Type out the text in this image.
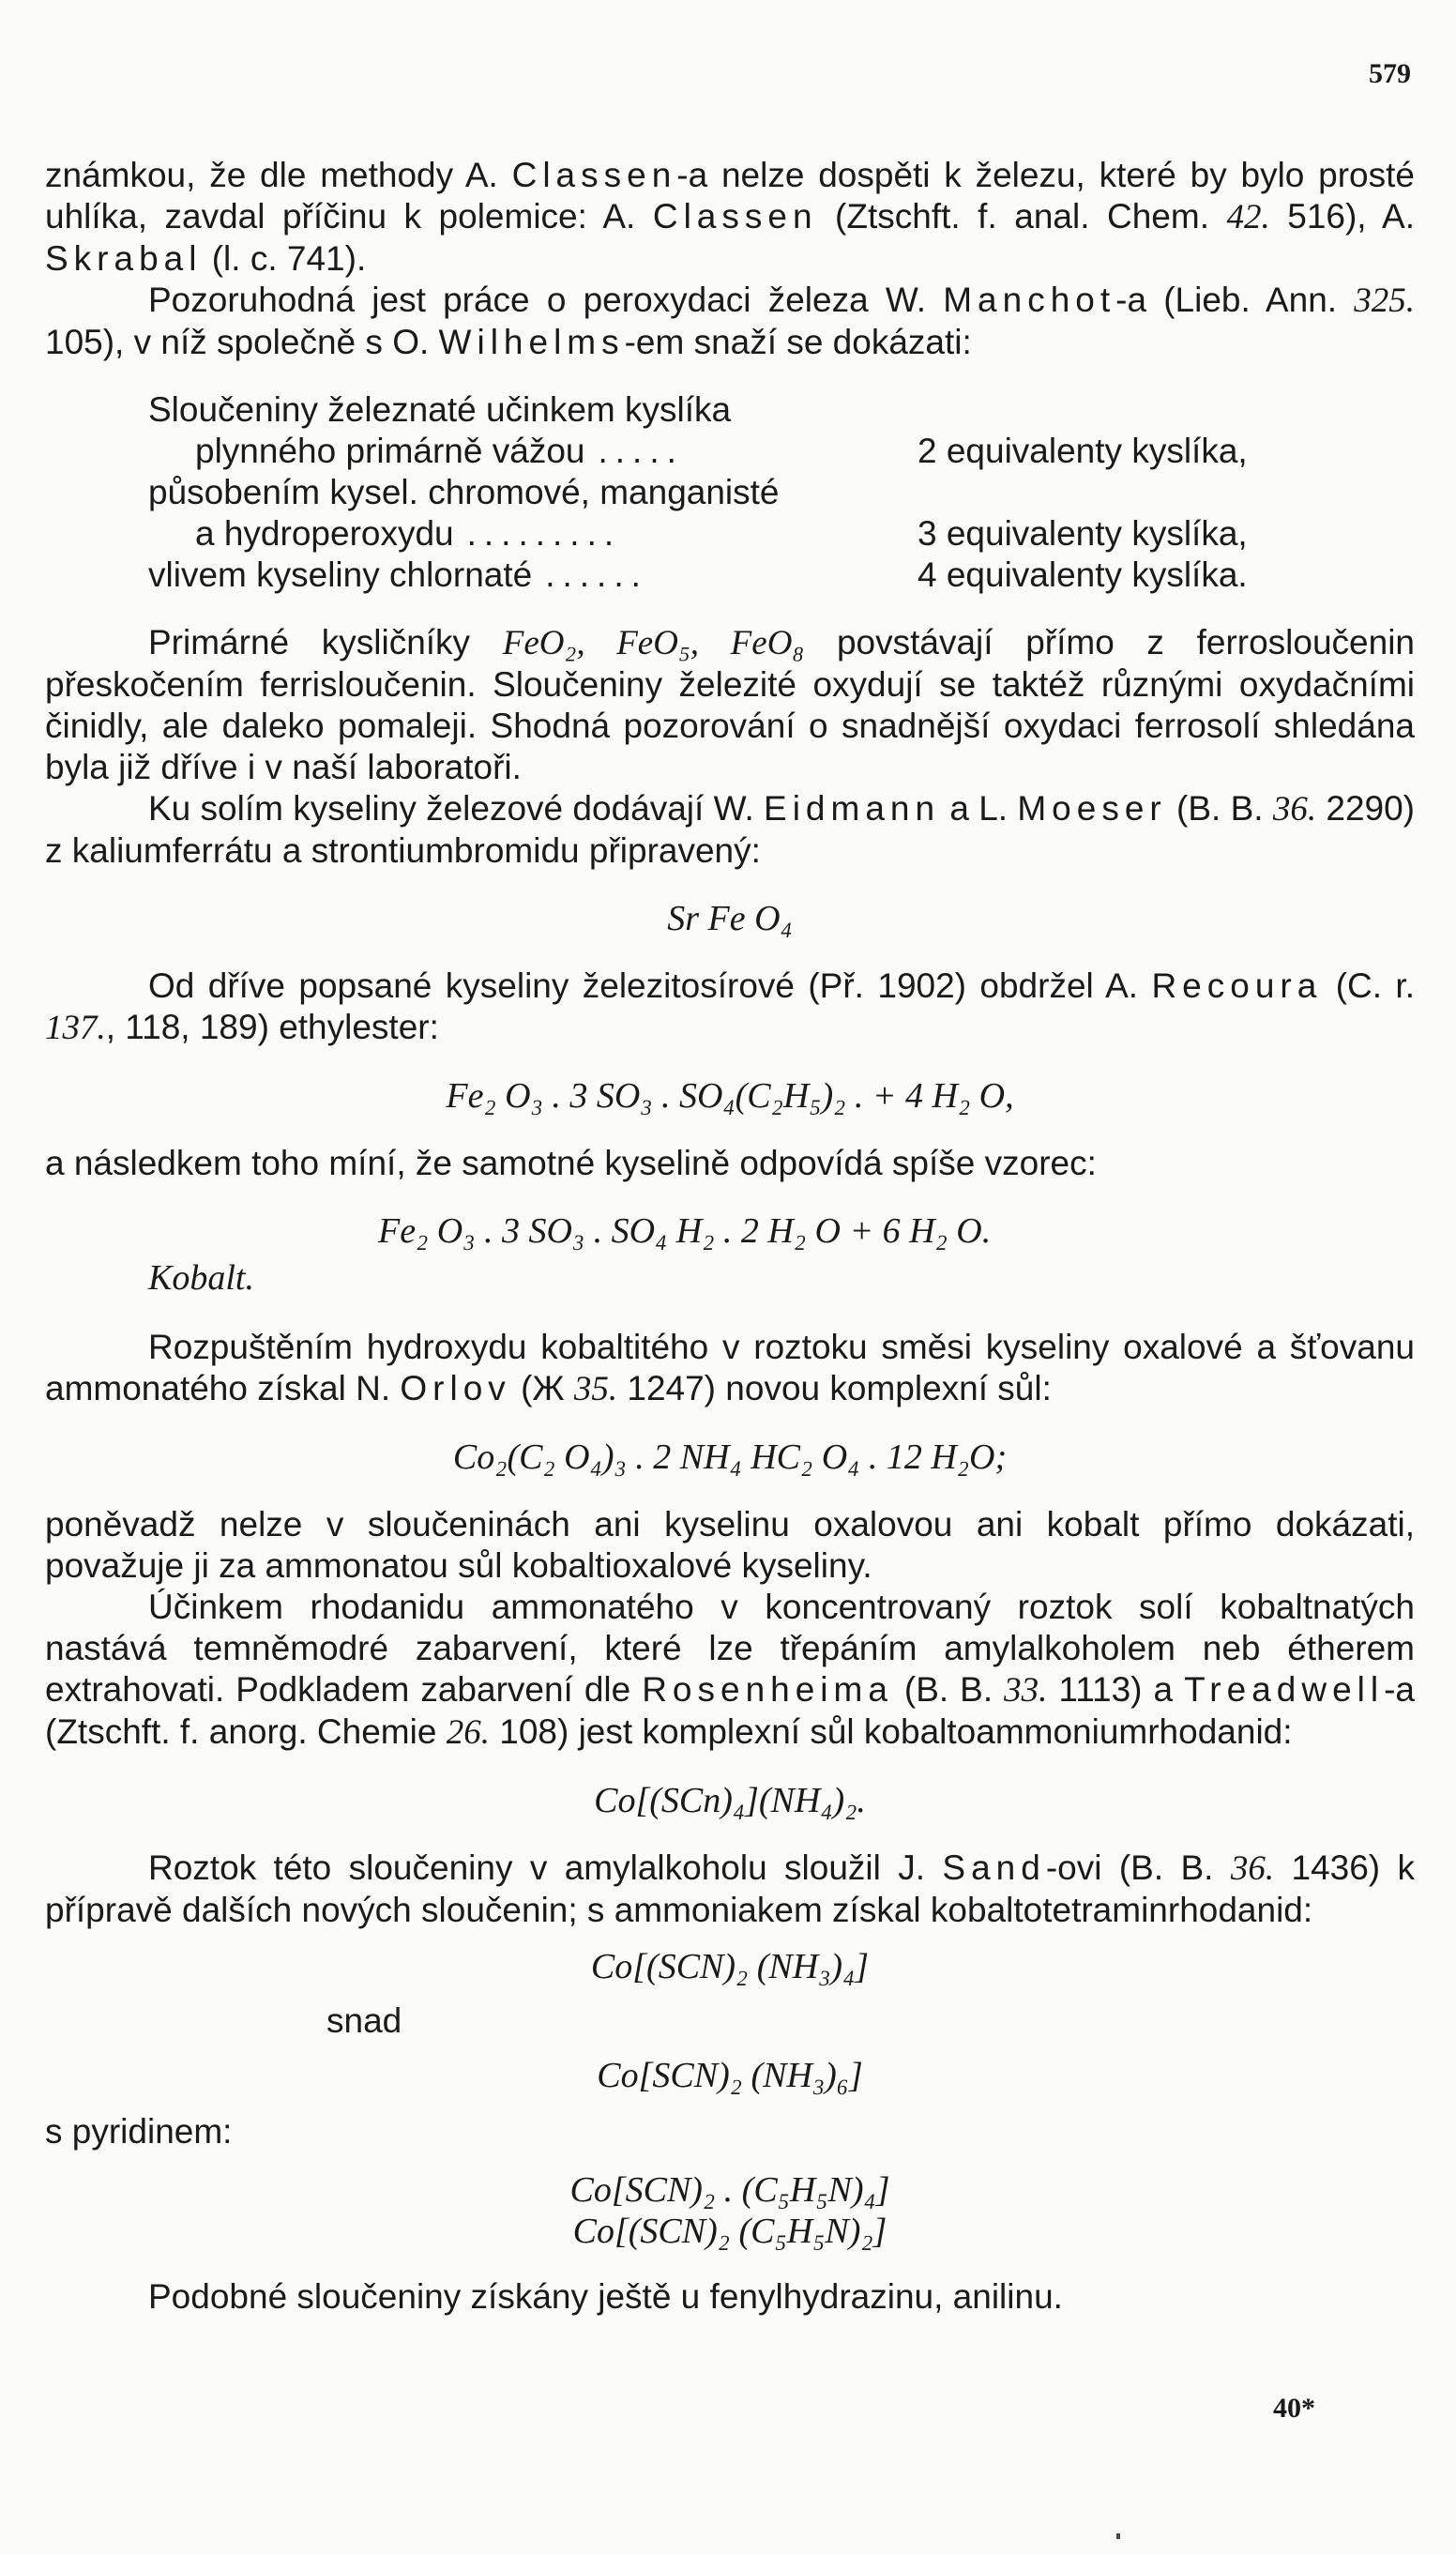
579

známkou, že dle methody A. Classen-a nelze dospěti k železu, které by bylo prosté uhlíka, zavdal příčinu k polemice: A. Classen (Ztschft. f. anal. Chem. 42. 516), A. Skrabal (l. c. 741).

Pozoruhodná jest práce o peroxydaci železa W. Manchot-a (Lieb. Ann. 325. 105), v níž společně s O. Wilhelms-em snaží se dokázati:

Sloučeniny železnaté učinkem kyslíka
plynného primárně vážou .....	2 equivalenty kyslíka,
působením kysel. chromové, manganisté
a hydroperoxydu .........	3 equivalenty kyslíka,
vlivem kyseliny chlornaté ......	4 equivalenty kyslíka.

Primárné kysličníky FeO₂, FeO₅, FeO₈ povstávají přímo z ferrosloučenin přeskočením ferrisloučenin. Sloučeniny železité oxydují se taktéž různými oxydačními činidly, ale daleko pomaleji. Shodná pozorování o snadnější oxydaci ferrosolí shledána byla již dříve i v naší laboratoři.

Ku solím kyseliny železové dodávají W. Eidmann a L. Moeser (B. B. 36. 2290) z kaliumferrátu a strontiumbromidu připravený:

Sr Fe O₄

Od dříve popsané kyseliny železitosírové (Př. 1902) obdržel A. Recoura (C. r. 137., 118, 189) ethylester:

Fe₂ O₃ . 3 SO₃ . SO₄(C₂H₅)₂ . + 4 H₂ O,

a následkem toho míní, že samotné kyselině odpovídá spíše vzorec:

Fe₂ O₃ . 3 SO₃ . SO₄ H₂ . 2 H₂ O + 6 H₂ O.
Kobalt.

Rozpuštěním hydroxydu kobaltitého v roztoku směsi kyseliny oxalové a šťovanu ammonatého získal N. Orlov (Ж 35. 1247) novou komplexní sůl:

Co₂(C₂ O₄)₃ . 2 NH₄ HC₂ O₄ . 12 H₂O;

poněvadž nelze v sloučeninách ani kyselinu oxalovou ani kobalt přímo dokázati, považuje ji za ammonatou sůl kobaltioxalové kyseliny.

Účinkem rhodanidu ammonatého v koncentrovaný roztok solí kobaltnatých nastává temněmodré zabarvení, které lze třepáním amylalkoholem neb étherem extrahovati. Podkladem zabarvení dle Rosenheima (B. B. 33. 1113) a Treadwell-a (Ztschft. f. anorg. Chemie 26. 108) jest komplexní sůl kobaltoammoniumrhodanid:

Co[(SCn)₄](NH₄)₂.

Roztok této sloučeniny v amylalkoholu sloužil J. Sand-ovi (B. B. 36. 1436) k přípravě dalších nových sloučenin; s ammoniakem získal kobaltotetraminrhodanid:

Co[(SCN)₂ (NH₃)₄]
snad
Co[SCN)₂ (NH₃)₆]
s pyridinem:
Co[SCN)₂ . (C₅H₅N)₄]
Co[(SCN)₂ (C₅H₅N)₂]

Podobné sloučeniny získány ještě u fenylhydrazinu, anilinu.

40*
